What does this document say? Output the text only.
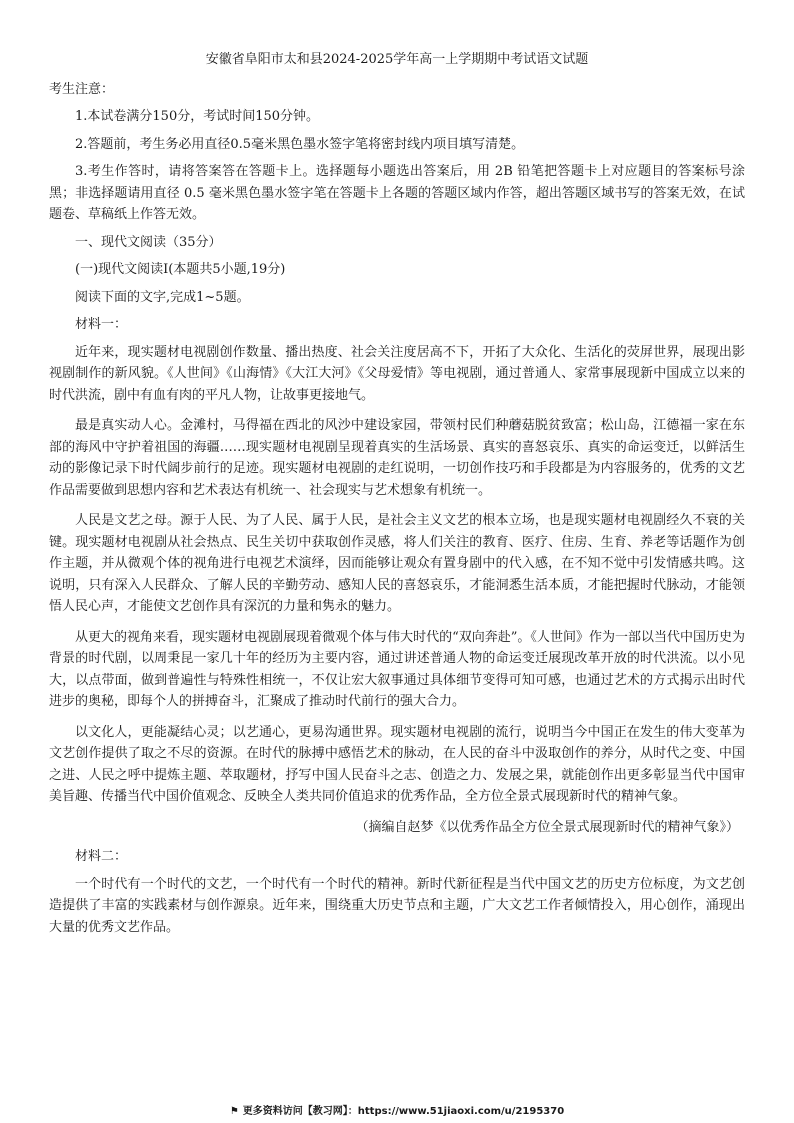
安徽省阜阳市太和县2024-2025学年高一上学期期中考试语文试题

考生注意：

1.本试卷满分150分，考试时间150分钟。

2.答题前，考生务必用直径0.5毫米黑色墨水签字笔将密封线内项目填写清楚。

3.考生作答时，请将答案答在答题卡上。选择题每小题选出答案后，用 2B 铅笔把答题卡上对应题目的答案标号涂黑；非选择题请用直径 0.5 毫米黑色墨水签字笔在答题卡上各题的答题区域内作答，超出答题区域书写的答案无效，在试题卷、草稿纸上作答无效。

一、现代文阅读（35分）

(一)现代文阅读Ⅰ(本题共5小题,19分)

阅读下面的文字,完成1~5题。

材料一：

近年来，现实题材电视剧创作数量、播出热度、社会关注度居高不下，开拓了大众化、生活化的荧屏世界，展现出影视剧制作的新风貌。《人世间》《山海情》《大江大河》《父母爱情》等电视剧，通过普通人、家常事展现新中国成立以来的时代洪流，剧中有血有肉的平凡人物，让故事更接地气。

最是真实动人心。金滩村，马得福在西北的风沙中建设家园，带领村民们种蘑菇脱贫致富；松山岛，江德福一家在东部的海风中守护着祖国的海疆……现实题材电视剧呈现着真实的生活场景、真实的喜怒哀乐、真实的命运变迁，以鲜活生动的影像记录下时代阔步前行的足迹。现实题材电视剧的走红说明，一切创作技巧和手段都是为内容服务的，优秀的文艺作品需要做到思想内容和艺术表达有机统一、社会现实与艺术想象有机统一。

人民是文艺之母。源于人民、为了人民、属于人民，是社会主义文艺的根本立场，也是现实题材电视剧经久不衰的关键。现实题材电视剧从社会热点、民生关切中获取创作灵感，将人们关注的教育、医疗、住房、生育、养老等话题作为创作主题，并从微观个体的视角进行电视艺术演绎，因而能够让观众有置身剧中的代入感，在不知不觉中引发情感共鸣。这说明，只有深入人民群众、了解人民的辛勤劳动、感知人民的喜怒哀乐，才能洞悉生活本质，才能把握时代脉动，才能领悟人民心声，才能使文艺创作具有深沉的力量和隽永的魅力。

从更大的视角来看，现实题材电视剧展现着微观个体与伟大时代的“双向奔赴”。《人世间》作为一部以当代中国历史为背景的时代剧，以周秉昆一家几十年的经历为主要内容，通过讲述普通人物的命运变迁展现改革开放的时代洪流。以小见大，以点带面，做到普遍性与特殊性相统一，不仅让宏大叙事通过具体细节变得可知可感，也通过艺术的方式揭示出时代进步的奥秘，即每个人的拼搏奋斗，汇聚成了推动时代前行的强大合力。

以文化人，更能凝结心灵；以艺通心，更易沟通世界。现实题材电视剧的流行，说明当今中国正在发生的伟大变革为文艺创作提供了取之不尽的资源。在时代的脉搏中感悟艺术的脉动，在人民的奋斗中汲取创作的养分，从时代之变、中国之进、人民之呼中提炼主题、萃取题材，抒写中国人民奋斗之志、创造之力、发展之果，就能创作出更多彰显当代中国审美旨趣、传播当代中国价值观念、反映全人类共同价值追求的优秀作品，全方位全景式展现新时代的精神气象。

（摘编自赵梦《以优秀作品全方位全景式展现新时代的精神气象》）

材料二：

一个时代有一个时代的文艺，一个时代有一个时代的精神。新时代新征程是当代中国文艺的历史方位标度，为文艺创造提供了丰富的实践素材与创作源泉。近年来，围绕重大历史节点和主题，广大文艺工作者倾情投入，用心创作，涌现出大量的优秀文艺作品。

⚑ 更多资料访问【教习网】：https://www.51jiaoxi.com/u/2195370
